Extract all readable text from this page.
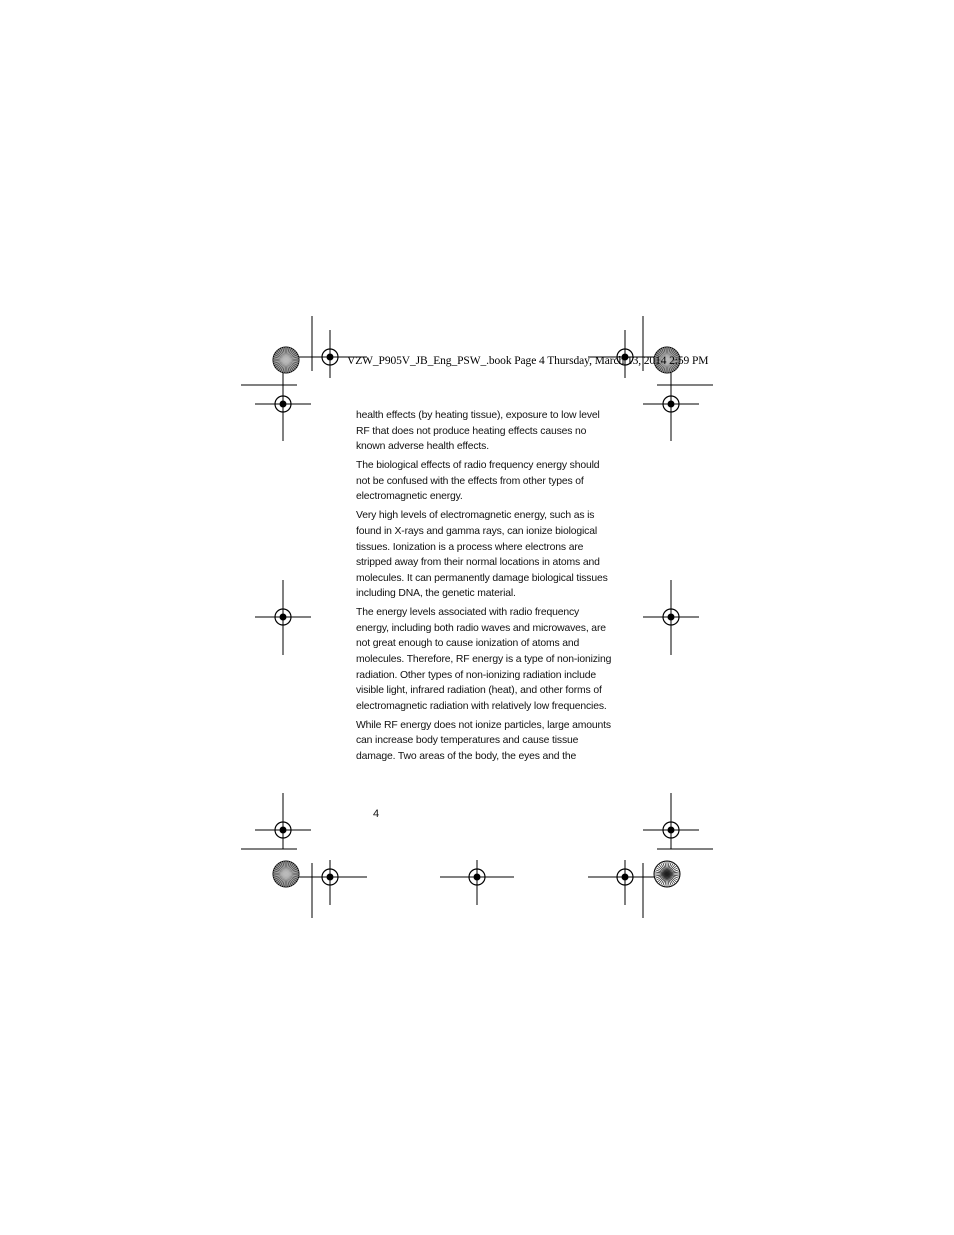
VZW_P905V_JB_Eng_PSW_.book Page 4 Thursday, March 13, 2014 2:59 PM

health effects (by heating tissue), exposure to low level RF that does not produce heating effects causes no known adverse health effects.

The biological effects of radio frequency energy should not be confused with the effects from other types of electromagnetic energy.

Very high levels of electromagnetic energy, such as is found in X-rays and gamma rays, can ionize biological tissues. Ionization is a process where electrons are stripped away from their normal locations in atoms and molecules. It can permanently damage biological tissues including DNA, the genetic material.

The energy levels associated with radio frequency energy, including both radio waves and microwaves, are not great enough to cause ionization of atoms and molecules. Therefore, RF energy is a type of non-ionizing radiation. Other types of non-ionizing radiation include visible light, infrared radiation (heat), and other forms of electromagnetic radiation with relatively low frequencies.

While RF energy does not ionize particles, large amounts can increase body temperatures and cause tissue damage. Two areas of the body, the eyes and the

4
